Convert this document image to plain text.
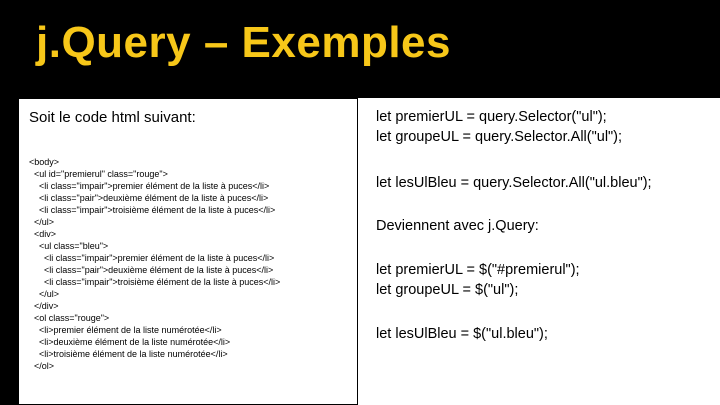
j.Query – Exemples
Soit le code html suivant:
<body>
<ul id="premierul" class="rouge">
<li class="impair">premier élément de la liste à puces</li>
<li class="pair">deuxième élément de la liste à puces</li>
<li class="impair">troisième élément de la liste à puces</li>
</ul>
<div>
<ul class="bleu">
<li class="impair">premier élément de la liste à puces</li>
<li class="pair">deuxième élément de la liste à puces</li>
<li class="impair">troisième élément de la liste à puces</li>
</ul>
</div>
<ol class="rouge">
<li>premier élément de la liste numérotée</li>
<li>deuxième élément de la liste numérotée</li>
<li>troisième élément de la liste numérotée</li>
</ol>
let premierUL = query.Selector("ul");
let groupeUL = query.Selector.All("ul");
let lesUlBleu = query.Selector.All("ul.bleu");
Deviennent avec j.Query:
let premierUL = $("#premierul");
let groupeUL = $("ul");
let lesUlBleu = $("ul.bleu");
